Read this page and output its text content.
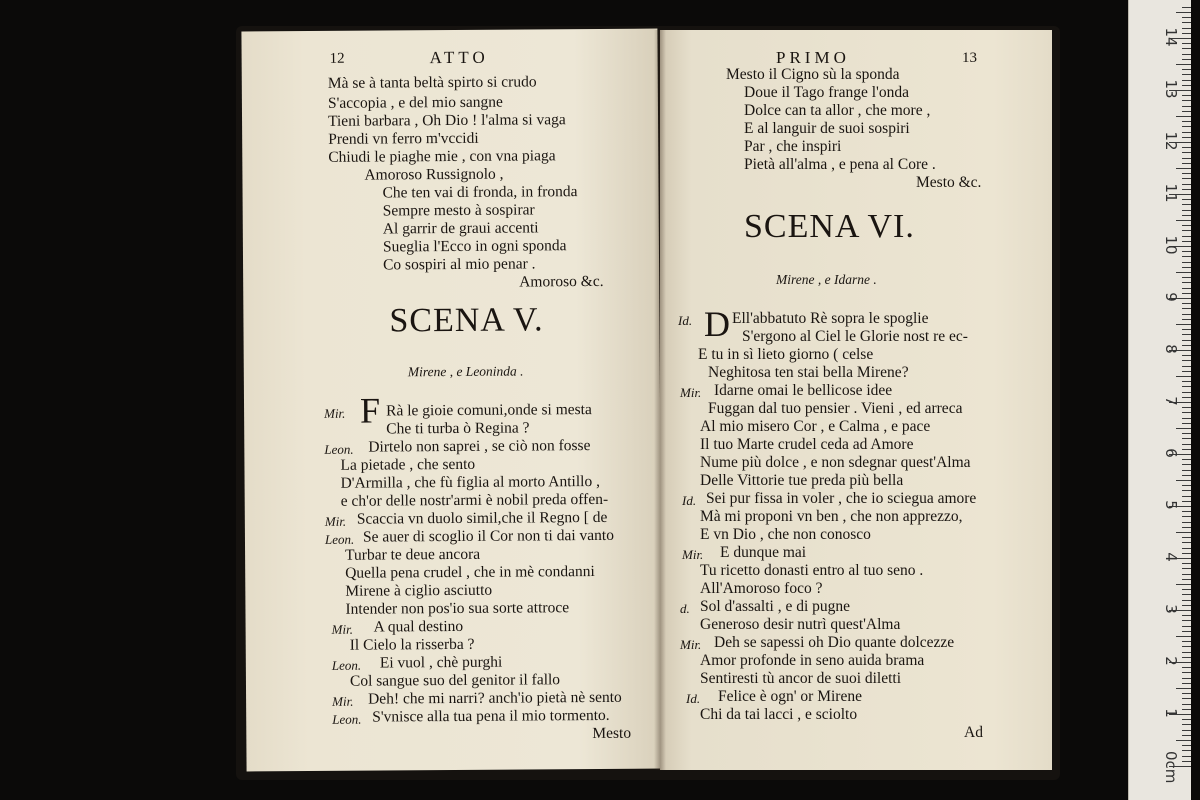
12	ATTO
Mà se à tanta beltà spirto si crudo
S'accopia , e del mio sangne
Tieni barbara , Oh Dio ! l'alma si vaga
Prendi vn ferro m'vccidi
Chiudi le piaghe mie , con vna piaga
Amoroso Russignolo ,
Che ten vai di fronda, in fronda
Sempre mesto à sospirar
Al garrir de graui accenti
Sueglia l'Ecco in ogni sponda
Co sospiri al mio penar .
Amoroso &c.
SCENA V.
Mirene , e Leoninda .
F
Mir.	Rà le gioie comuni,onde si mesta
Che ti turba ò Regina ?
Leon. Dirtelo non saprei , se ciò non fosse
La pietade , che sento
D'Armilla , che fù figlia al morto Antillo ,
e ch'or delle nostr'armi è nobil preda offen-
Mir. Scaccia vn duolo simil,che il Regno [ de
Leon. Se auer di scoglio il Cor non ti dai vanto
Turbar te deue ancora
Quella pena crudel , che in mè condanni
Mirene à ciglio asciutto
Intender non pos'io sua sorte attroce
Mir. A qual destino
Il Cielo la risserba ?
Leon. Ei vuol , chè purghi
Col sangue suo del genitor il fallo
Mir. Deh! che mi narri? anch'io pietà nè sento
Leon. S'vnisce alla tua pena il mio tormento.
Mesto
PRIMO	13
Mesto il Cigno sù la sponda
Doue il Tago frange l'onda
Dolce can ta allor , che more ,
E al languir de suoi sospiri
Par , che inspiri
Pietà all'alma , e pena al Core .
Mesto &c.
SCENA VI.
Mirene , e Idarne .
D
Id.	Ell'abbatuto Rè sopra le spoglie
S'ergono al Ciel le Glorie nost re ec-
E tu in sì lieto giorno ( celse
Neghitosa ten stai bella Mirene?
Mir. Idarne omai le bellicose idee
Fuggan dal tuo pensier . Vieni , ed arreca
Al mio misero Cor , e Calma , e pace
Il tuo Marte crudel ceda ad Amore
Nume più dolce , e non sdegnar quest'Alma
Delle Vittorie tue preda più bella
Id. Sei pur fissa in voler , che io sciegua amore
Mà mi proponi vn ben , che non apprezzo,
E vn Dio , che non conosco
Mir. E dunque mai
Tu ricetto donasti entro al tuo seno .
All'Amoroso foco ?
d. Sol d'assalti , e di pugne
Generoso desir nutrì quest'Alma
Mir. Deh se sapessi oh Dio quante dolcezze
Amor profonde in seno auida brama
Sentiresti tù ancor de suoi diletti
Id. Felice è ogn' or Mirene
Chi da tai lacci , e sciolto
Ad
0cm
1
2
3
4
5
6
7
8
9
10
11
12
13
14
